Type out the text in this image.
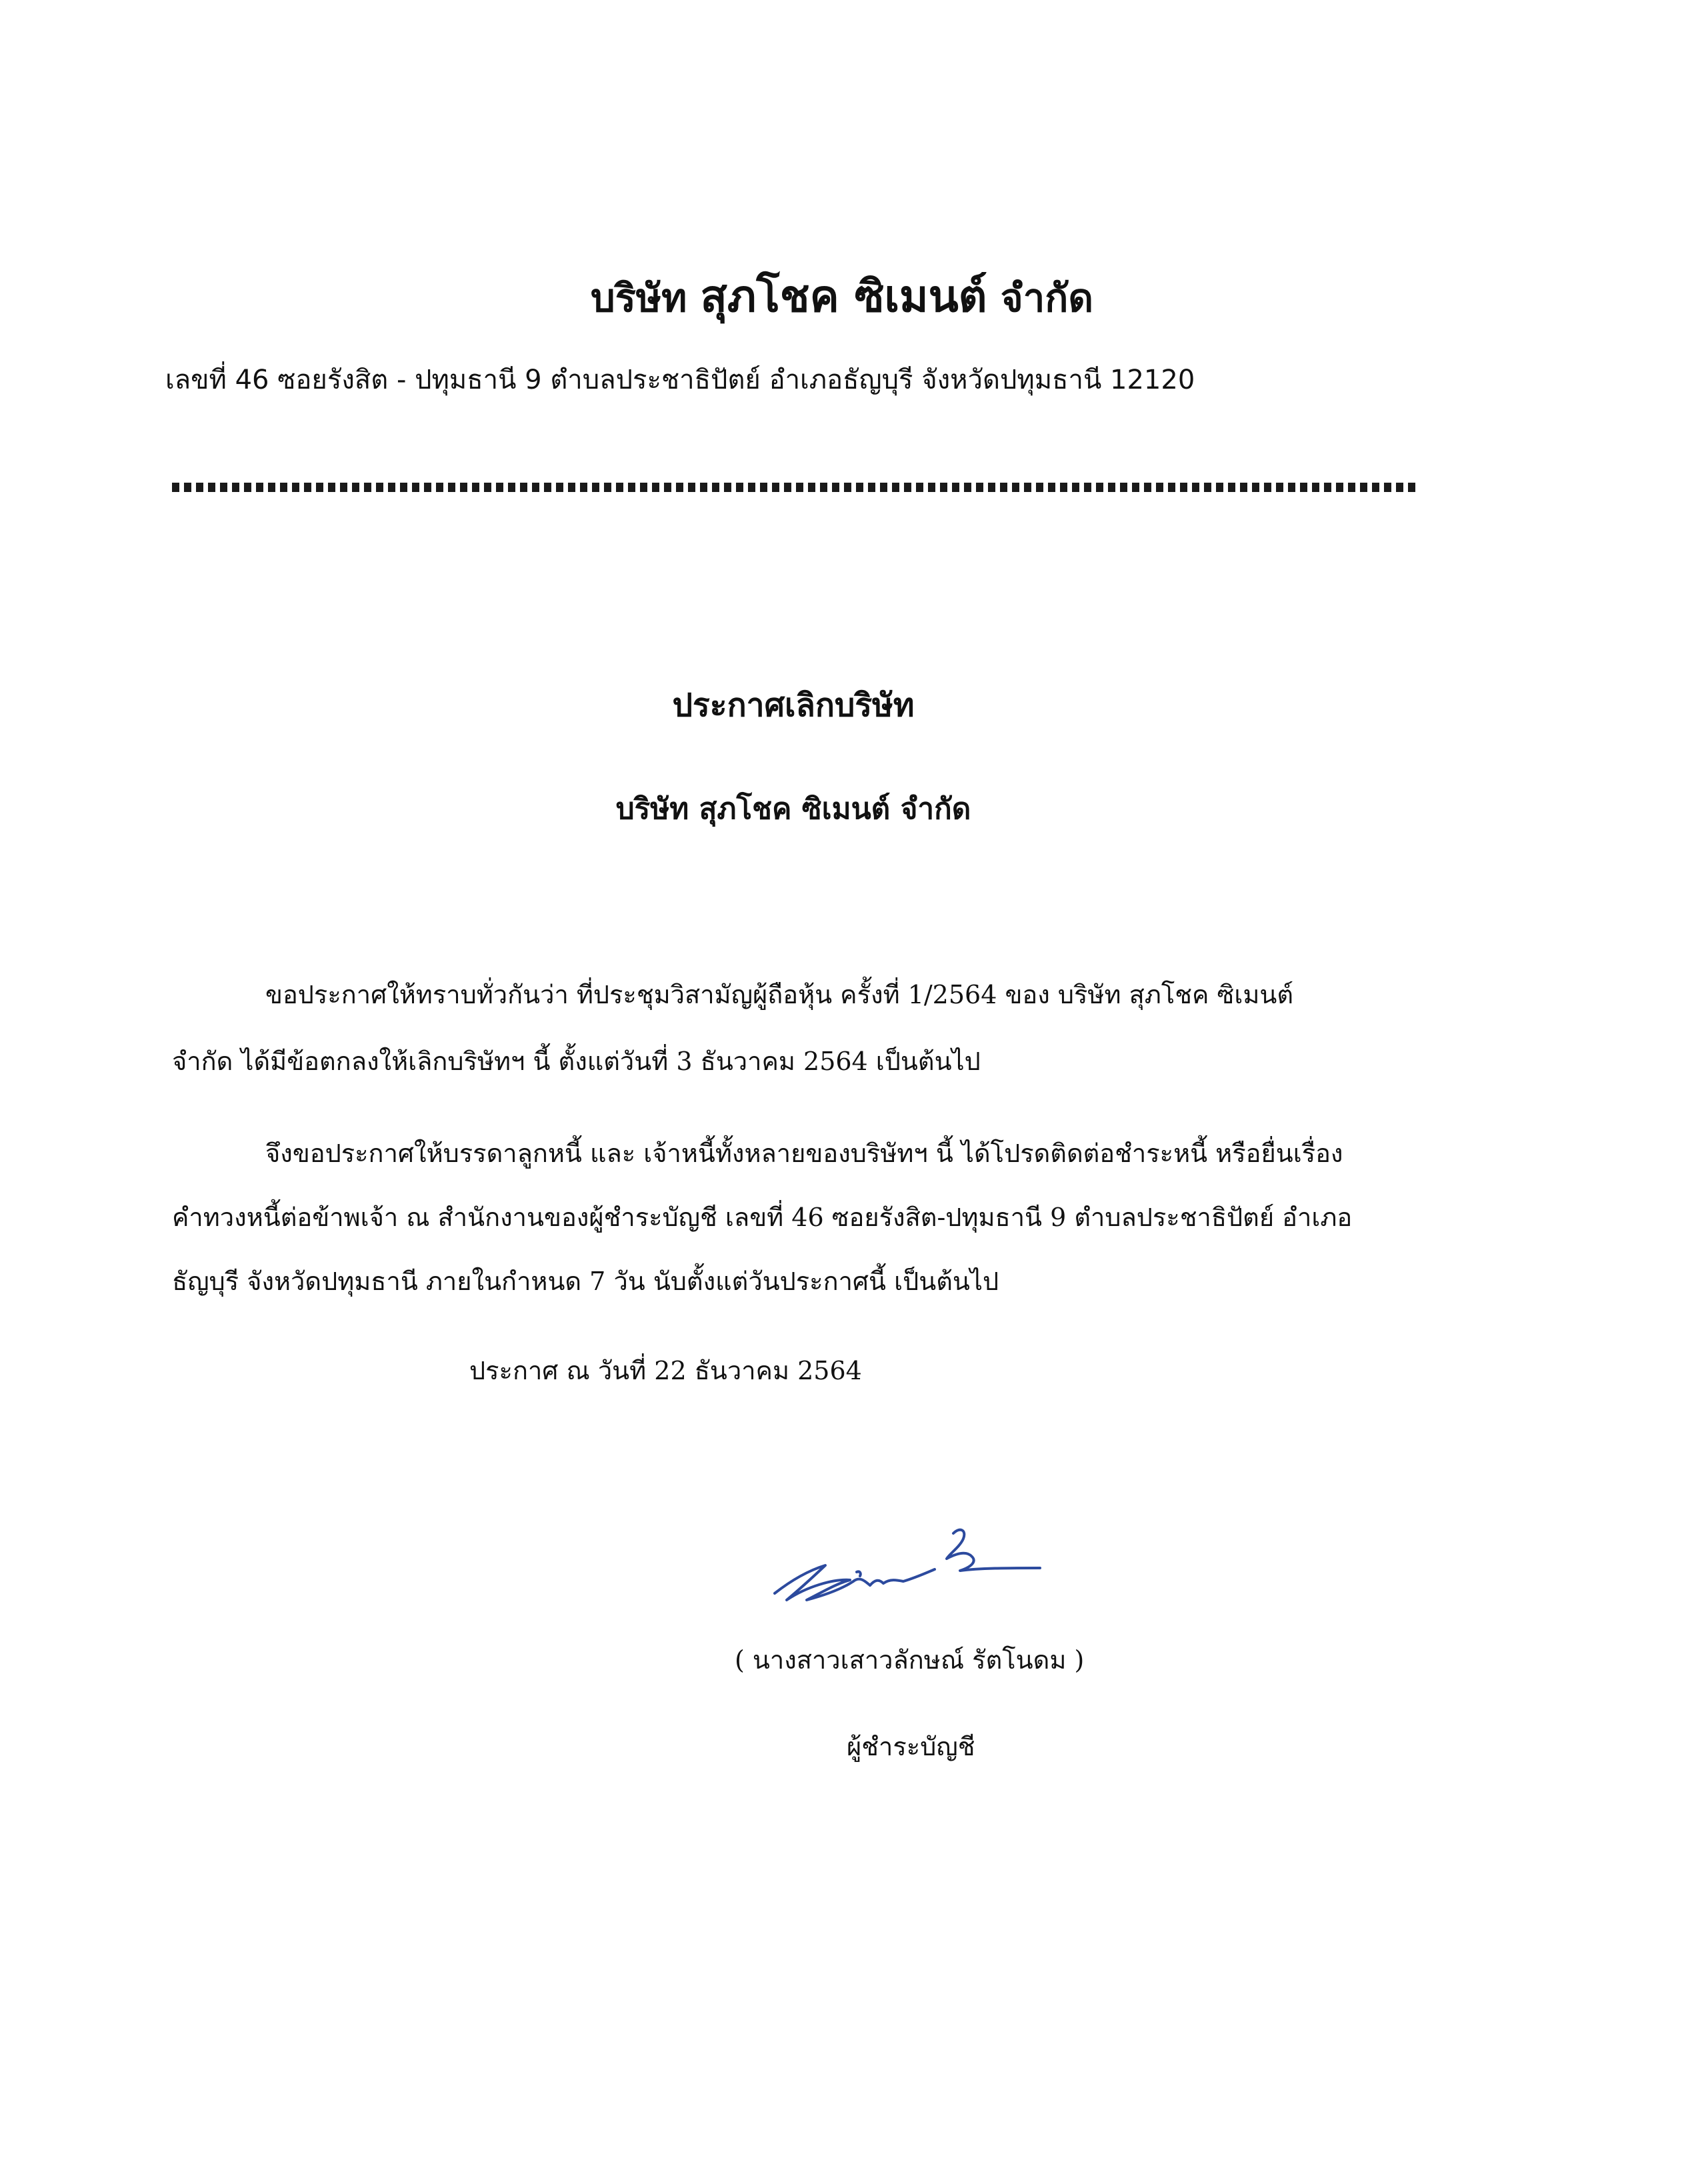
บริษัท สุภโชค ซิเมนต์ จำกัด
เลขที่ 46 ซอยรังสิต - ปทุมธานี 9 ตำบลประชาธิปัตย์ อำเภอธัญบุรี จังหวัดปทุมธานี 12120
ประกาศเลิกบริษัท
บริษัท สุภโชค ซิเมนต์ จำกัด
ขอประกาศให้ทราบทั่วกันว่า ที่ประชุมวิสามัญผู้ถือหุ้น ครั้งที่ 1/2564 ของ บริษัท สุภโชค ซิเมนต์
จำกัด ได้มีข้อตกลงให้เลิกบริษัทฯ นี้ ตั้งแต่วันที่ 3 ธันวาคม 2564 เป็นต้นไป
จึงขอประกาศให้บรรดาลูกหนี้ และ เจ้าหนี้ทั้งหลายของบริษัทฯ นี้ ได้โปรดติดต่อชำระหนี้ หรือยื่นเรื่อง
คำทวงหนี้ต่อข้าพเจ้า ณ สำนักงานของผู้ชำระบัญชี เลขที่ 46 ซอยรังสิต-ปทุมธานี 9 ตำบลประชาธิปัตย์ อำเภอ
ธัญบุรี จังหวัดปทุมธานี ภายในกำหนด 7 วัน นับตั้งแต่วันประกาศนี้ เป็นต้นไป
ประกาศ ณ วันที่ 22 ธันวาคม 2564
( นางสาวเสาวลักษณ์ รัตโนดม )
ผู้ชำระบัญชี
